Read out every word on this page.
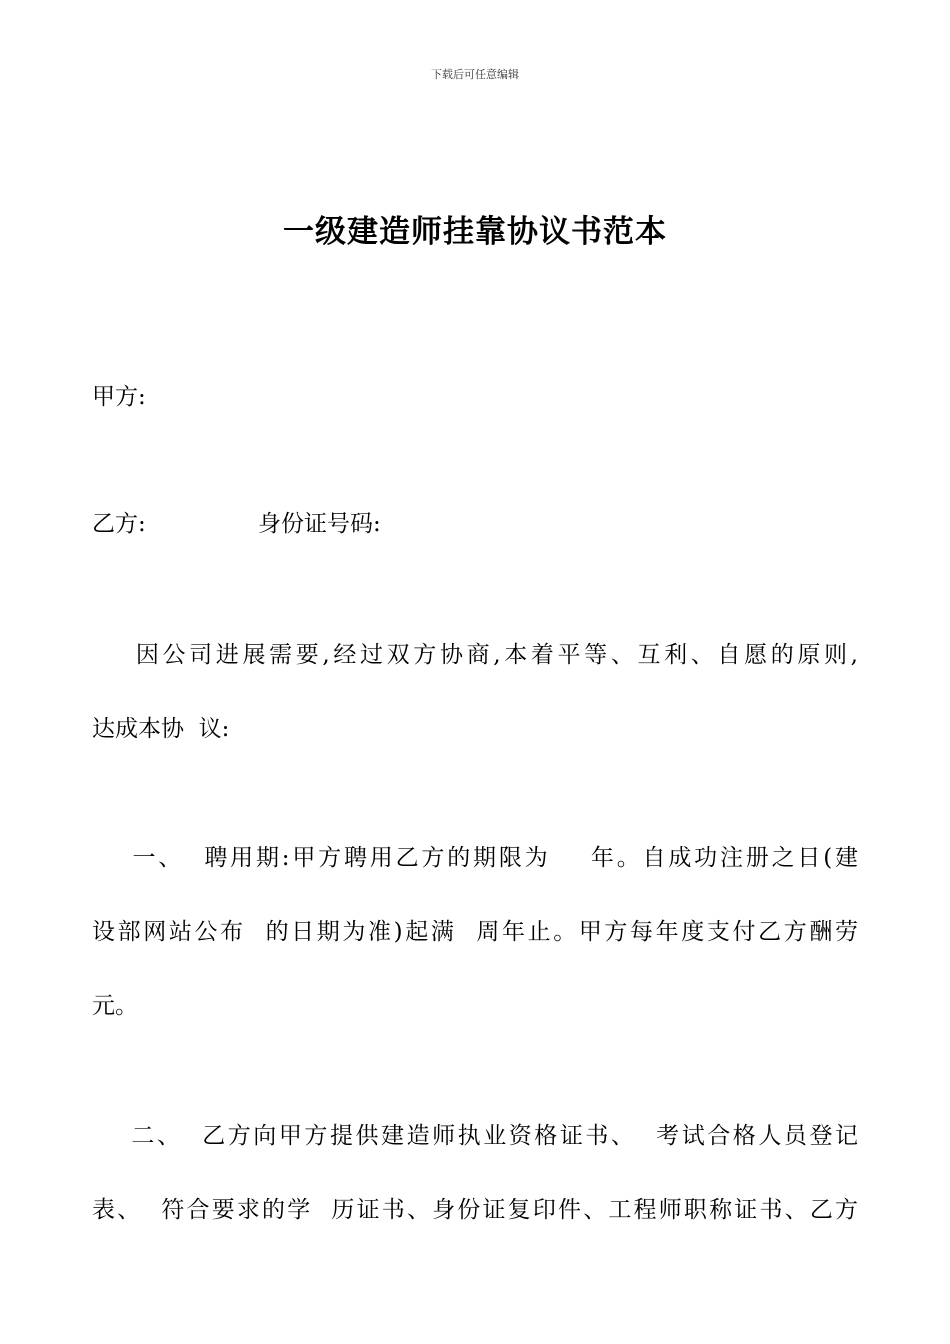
下载后可任意编辑
一级建造师挂靠协议书范本
甲方:
乙方:	身份证号码:
因公司进展需要,经过双方协商,本着平等、互利、自愿的原则,
达成本协  议:
一、  聘用期:甲方聘用乙方的期限为    年。自成功注册之日(建
设部网站公布  的日期为准)起满  周年止。甲方每年度支付乙方酬劳
元。
二、  乙方向甲方提供建造师执业资格证书、  考试合格人员登记
表、  符合要求的学  历证书、身份证复印件、工程师职称证书、乙方
